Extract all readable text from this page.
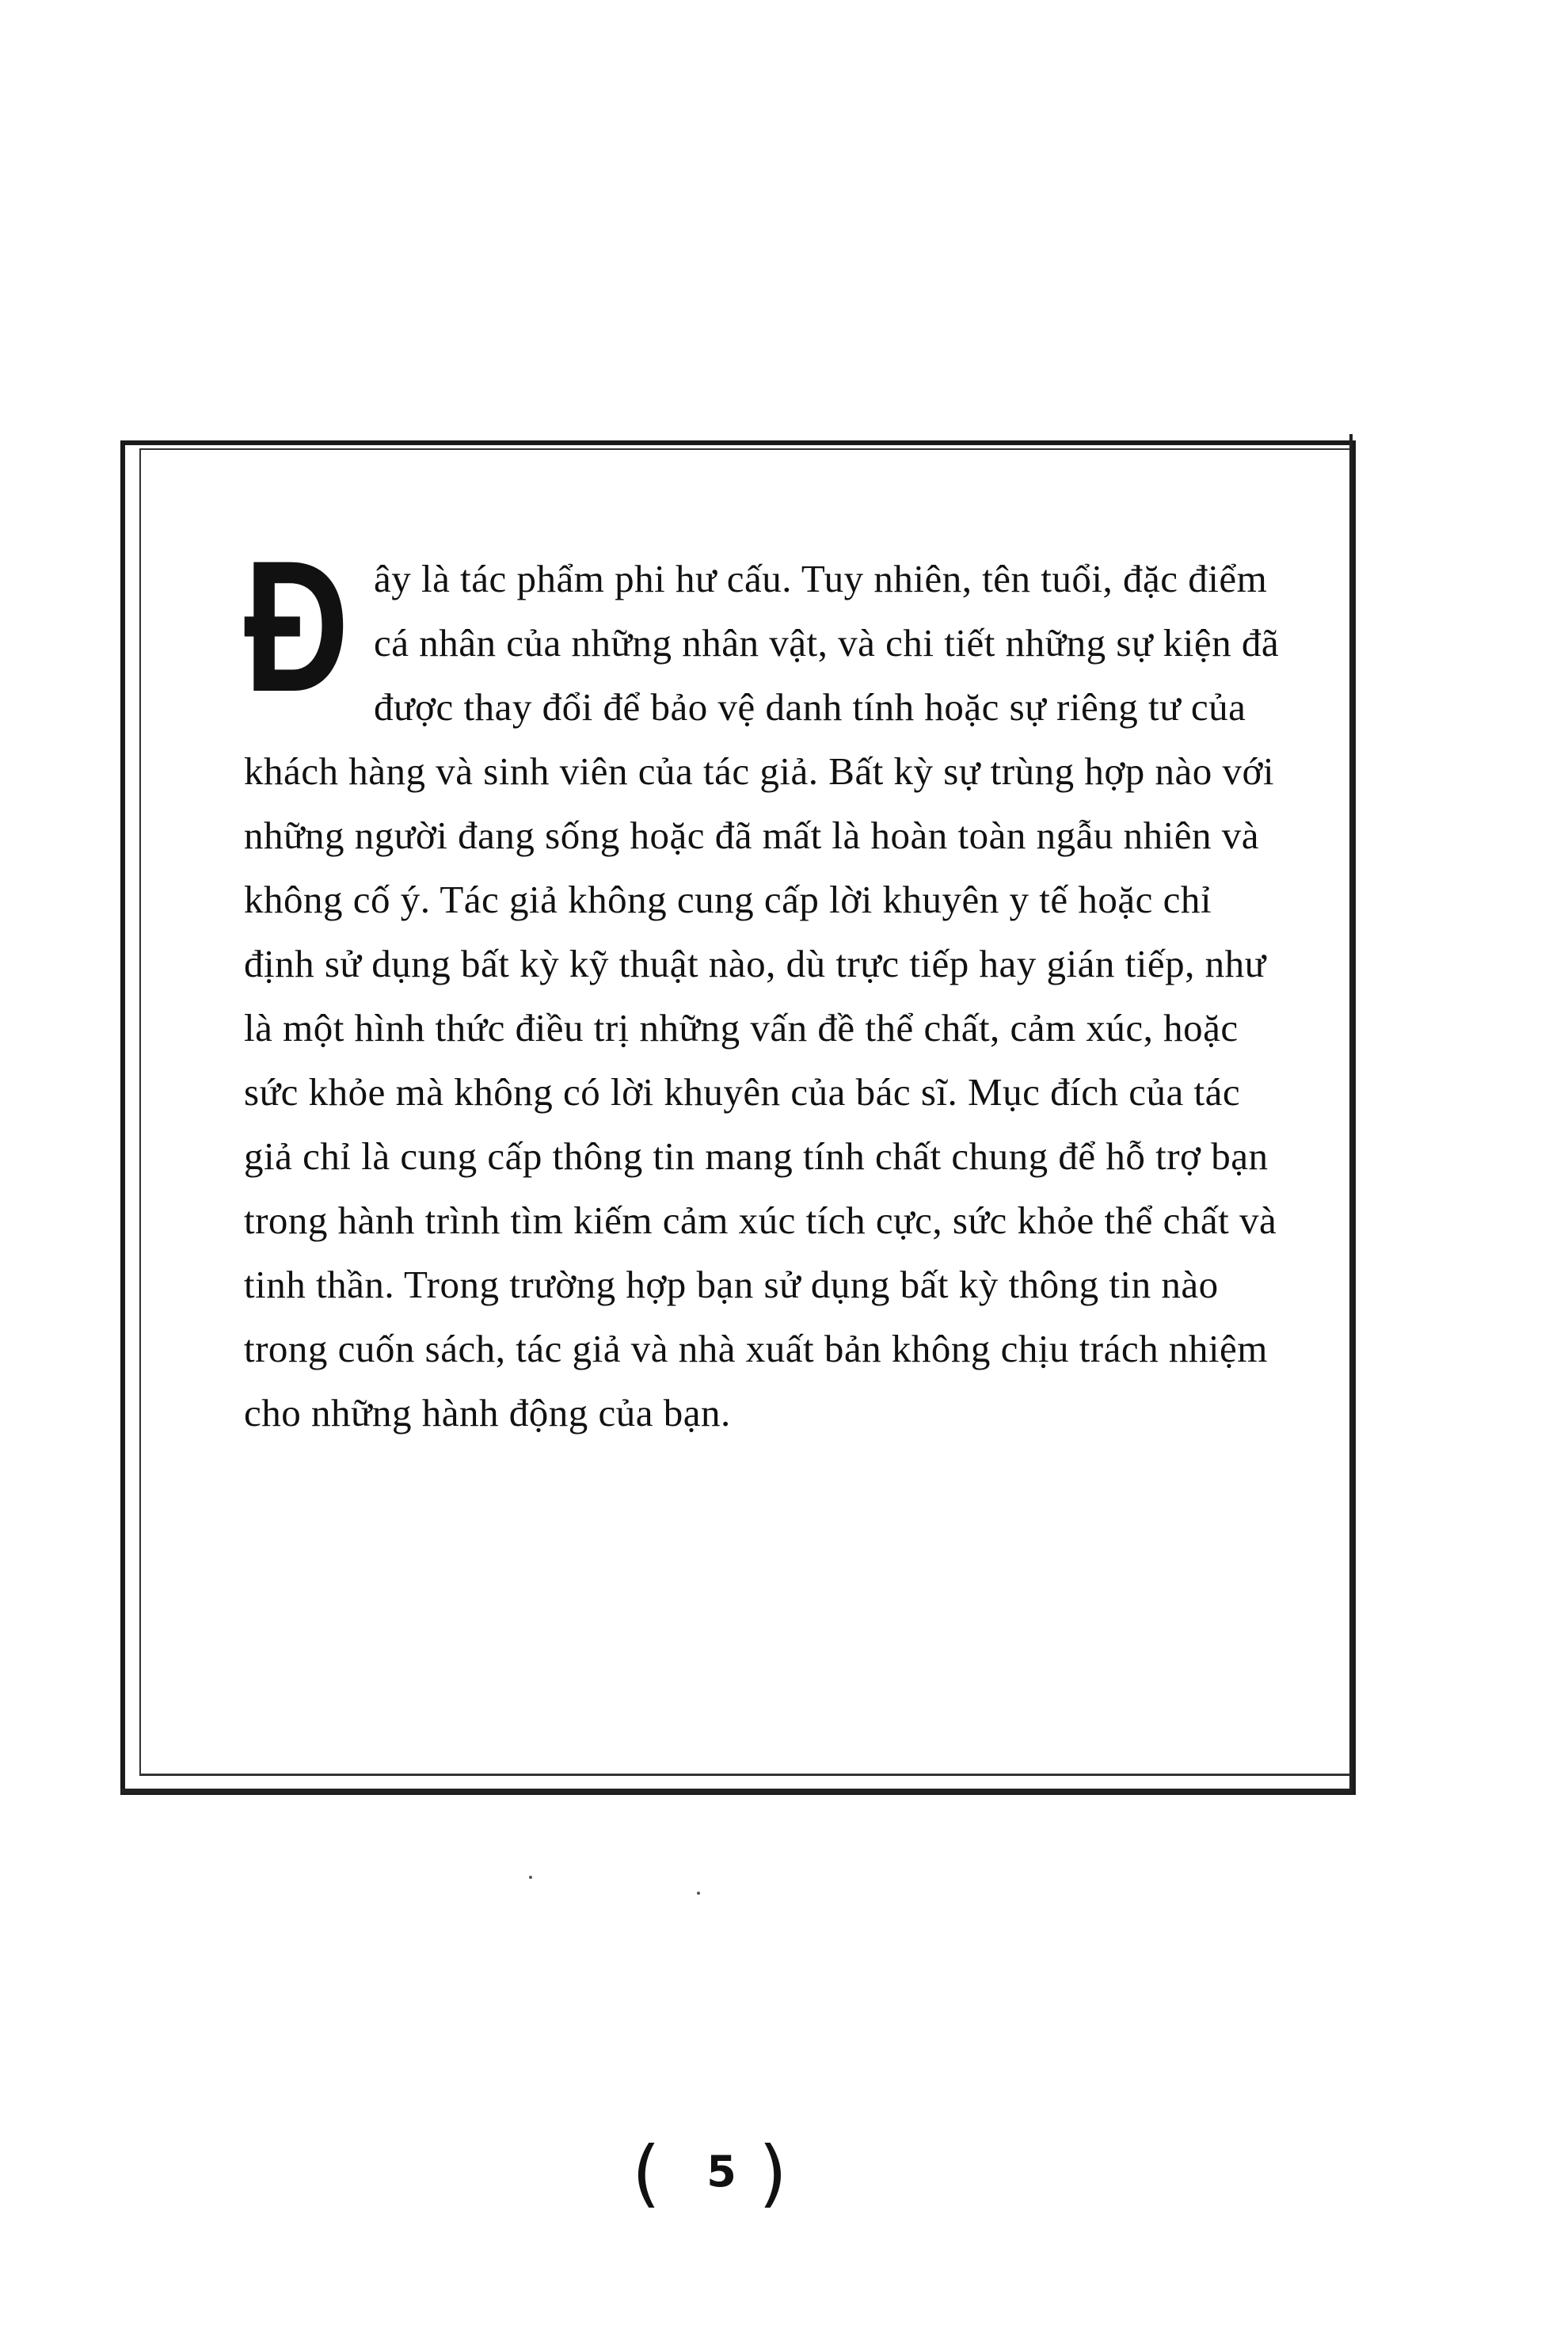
Đ ây là tác phẩm phi hư cấu. Tuy nhiên, tên tuổi, đặc điểm cá nhân của những nhân vật, và chi tiết những sự kiện đã được thay đổi để bảo vệ danh tính hoặc sự riêng tư của khách hàng và sinh viên của tác giả. Bất kỳ sự trùng hợp nào với những người đang sống hoặc đã mất là hoàn toàn ngẫu nhiên và không cố ý. Tác giả không cung cấp lời khuyên y tế hoặc chỉ định sử dụng bất kỳ kỹ thuật nào, dù trực tiếp hay gián tiếp, như là một hình thức điều trị những vấn đề thể chất, cảm xúc, hoặc sức khỏe mà không có lời khuyên của bác sĩ. Mục đích của tác giả chỉ là cung cấp thông tin mang tính chất chung để hỗ trợ bạn trong hành trình tìm kiếm cảm xúc tích cực, sức khỏe thể chất và tinh thần. Trong trường hợp bạn sử dụng bất kỳ thông tin nào trong cuốn sách, tác giả và nhà xuất bản không chịu trách nhiệm cho những hành động của bạn.

( 5 )
